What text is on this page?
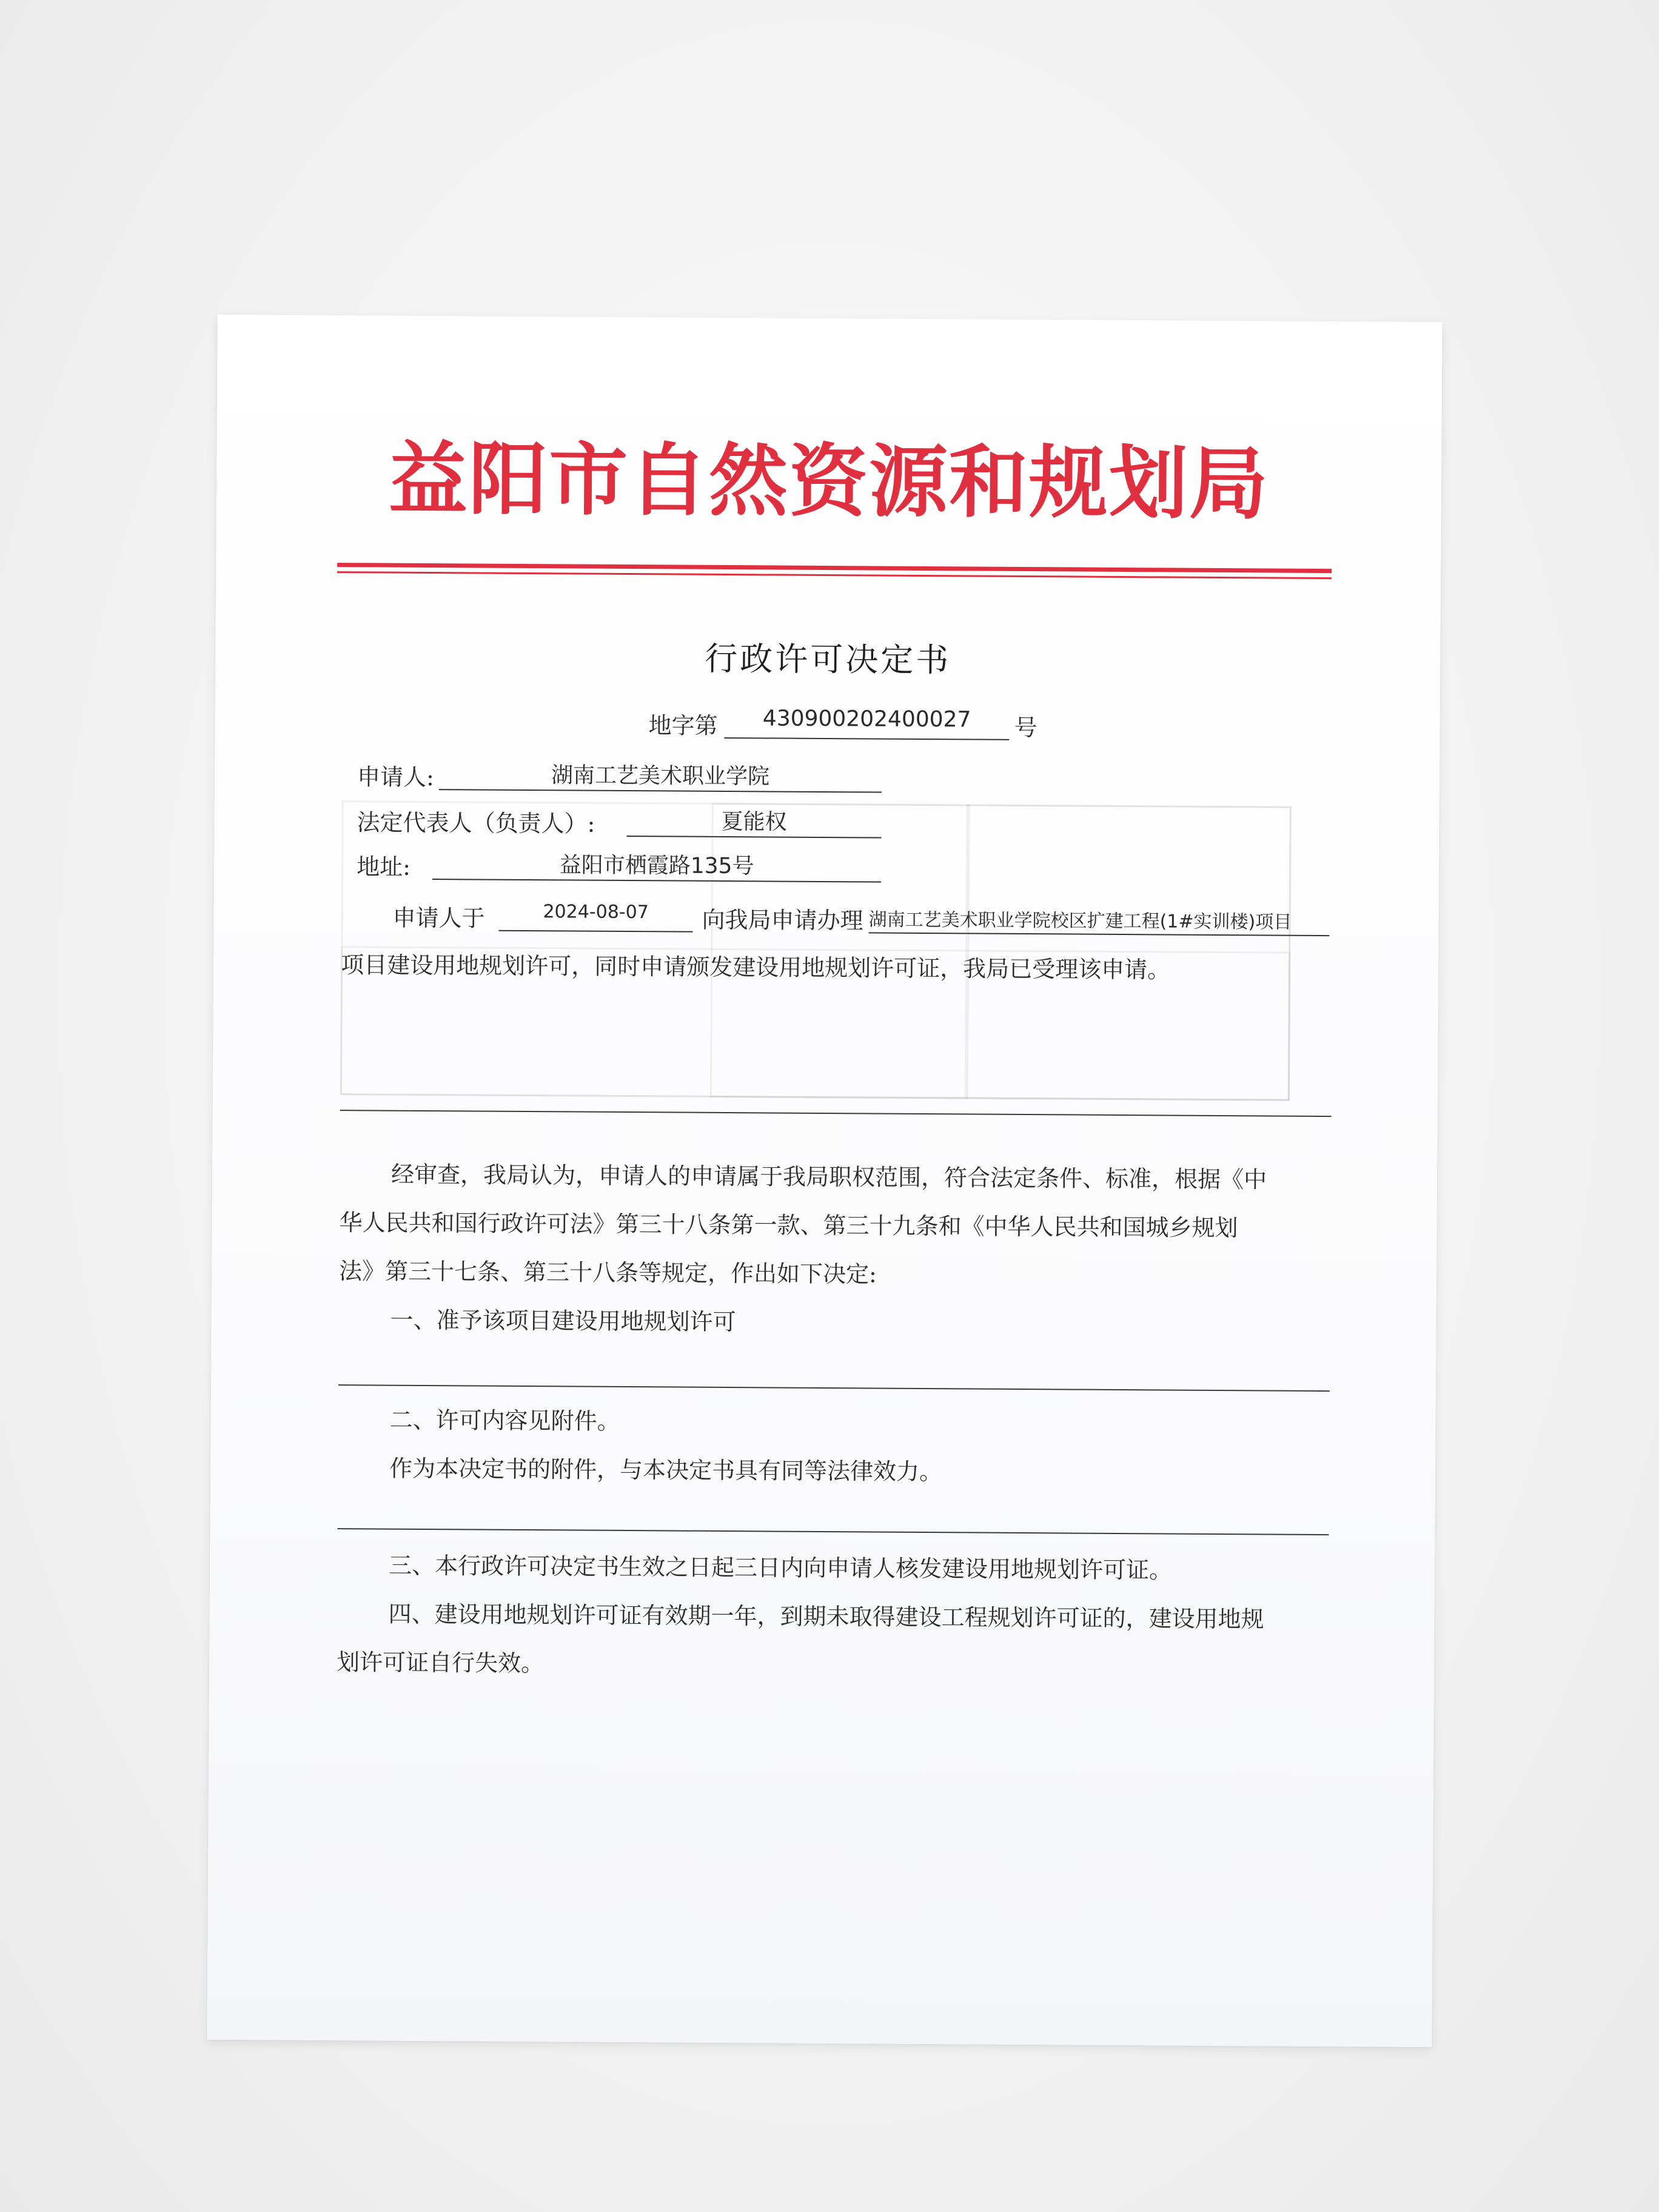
益阳市自然资源和规划局
行政许可决定书
地字第	430900202400027	号
申请人:	湖南工艺美术职业学院
法定代表人（负责人）:	夏能权
地址:	益阳市栖霞路135号
申请人于	2024-08-07	向我局申请办理 湖南工艺美术职业学院校区扩建工程(1#实训楼)项目
项目建设用地规划许可，同时申请颁发建设用地规划许可证，我局已受理该申请。
经审查，我局认为，申请人的申请属于我局职权范围，符合法定条件、标准，根据《中
华人民共和国行政许可法》第三十八条第一款、第三十九条和《中华人民共和国城乡规划
法》第三十七条、第三十八条等规定，作出如下决定:
一、准予该项目建设用地规划许可
二、许可内容见附件。
作为本决定书的附件，与本决定书具有同等法律效力。
三、本行政许可决定书生效之日起三日内向申请人核发建设用地规划许可证。
四、建设用地规划许可证有效期一年，到期未取得建设工程规划许可证的，建设用地规
划许可证自行失效。
